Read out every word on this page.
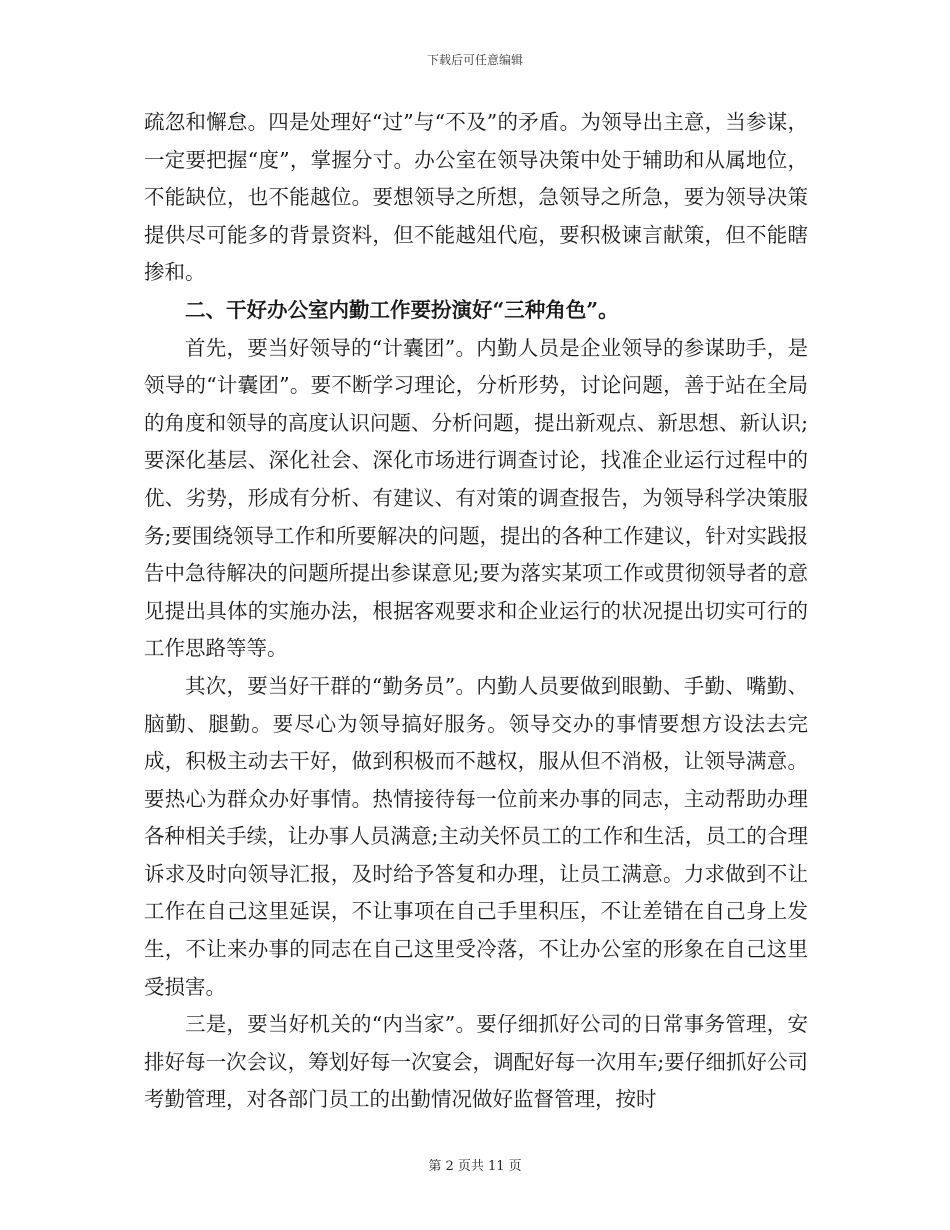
下载后可任意编辑

疏忽和懈怠。四是处理好“过”与“不及”的矛盾。为领导出主意，当参谋，一定要把握“度”，掌握分寸。办公室在领导决策中处于辅助和从属地位，不能缺位，也不能越位。要想领导之所想，急领导之所急，要为领导决策提供尽可能多的背景资料，但不能越俎代庖，要积极谏言献策，但不能瞎掺和。

二、干好办公室内勤工作要扮演好“三种角色”。

首先，要当好领导的“计囊团”。内勤人员是企业领导的参谋助手，是领导的“计囊团”。要不断学习理论，分析形势，讨论问题，善于站在全局的角度和领导的高度认识问题、分析问题，提出新观点、新思想、新认识;要深化基层、深化社会、深化市场进行调查讨论，找准企业运行过程中的优、劣势，形成有分析、有建议、有对策的调查报告，为领导科学决策服务;要围绕领导工作和所要解决的问题，提出的各种工作建议，针对实践报告中急待解决的问题所提出参谋意见;要为落实某项工作或贯彻领导者的意见提出具体的实施办法，根据客观要求和企业运行的状况提出切实可行的工作思路等等。

其次，要当好干群的“勤务员”。内勤人员要做到眼勤、手勤、嘴勤、脑勤、腿勤。要尽心为领导搞好服务。领导交办的事情要想方设法去完成，积极主动去干好，做到积极而不越权，服从但不消极，让领导满意。要热心为群众办好事情。热情接待每一位前来办事的同志，主动帮助办理各种相关手续，让办事人员满意;主动关怀员工的工作和生活，员工的合理诉求及时向领导汇报，及时给予答复和办理，让员工满意。力求做到不让工作在自己这里延误，不让事项在自己手里积压，不让差错在自己身上发生，不让来办事的同志在自己这里受冷落，不让办公室的形象在自己这里受损害。

三是，要当好机关的“内当家”。要仔细抓好公司的日常事务管理，安排好每一次会议，筹划好每一次宴会，调配好每一次用车;要仔细抓好公司考勤管理，对各部门员工的出勤情况做好监督管理，按时

第 2 页共 11 页
